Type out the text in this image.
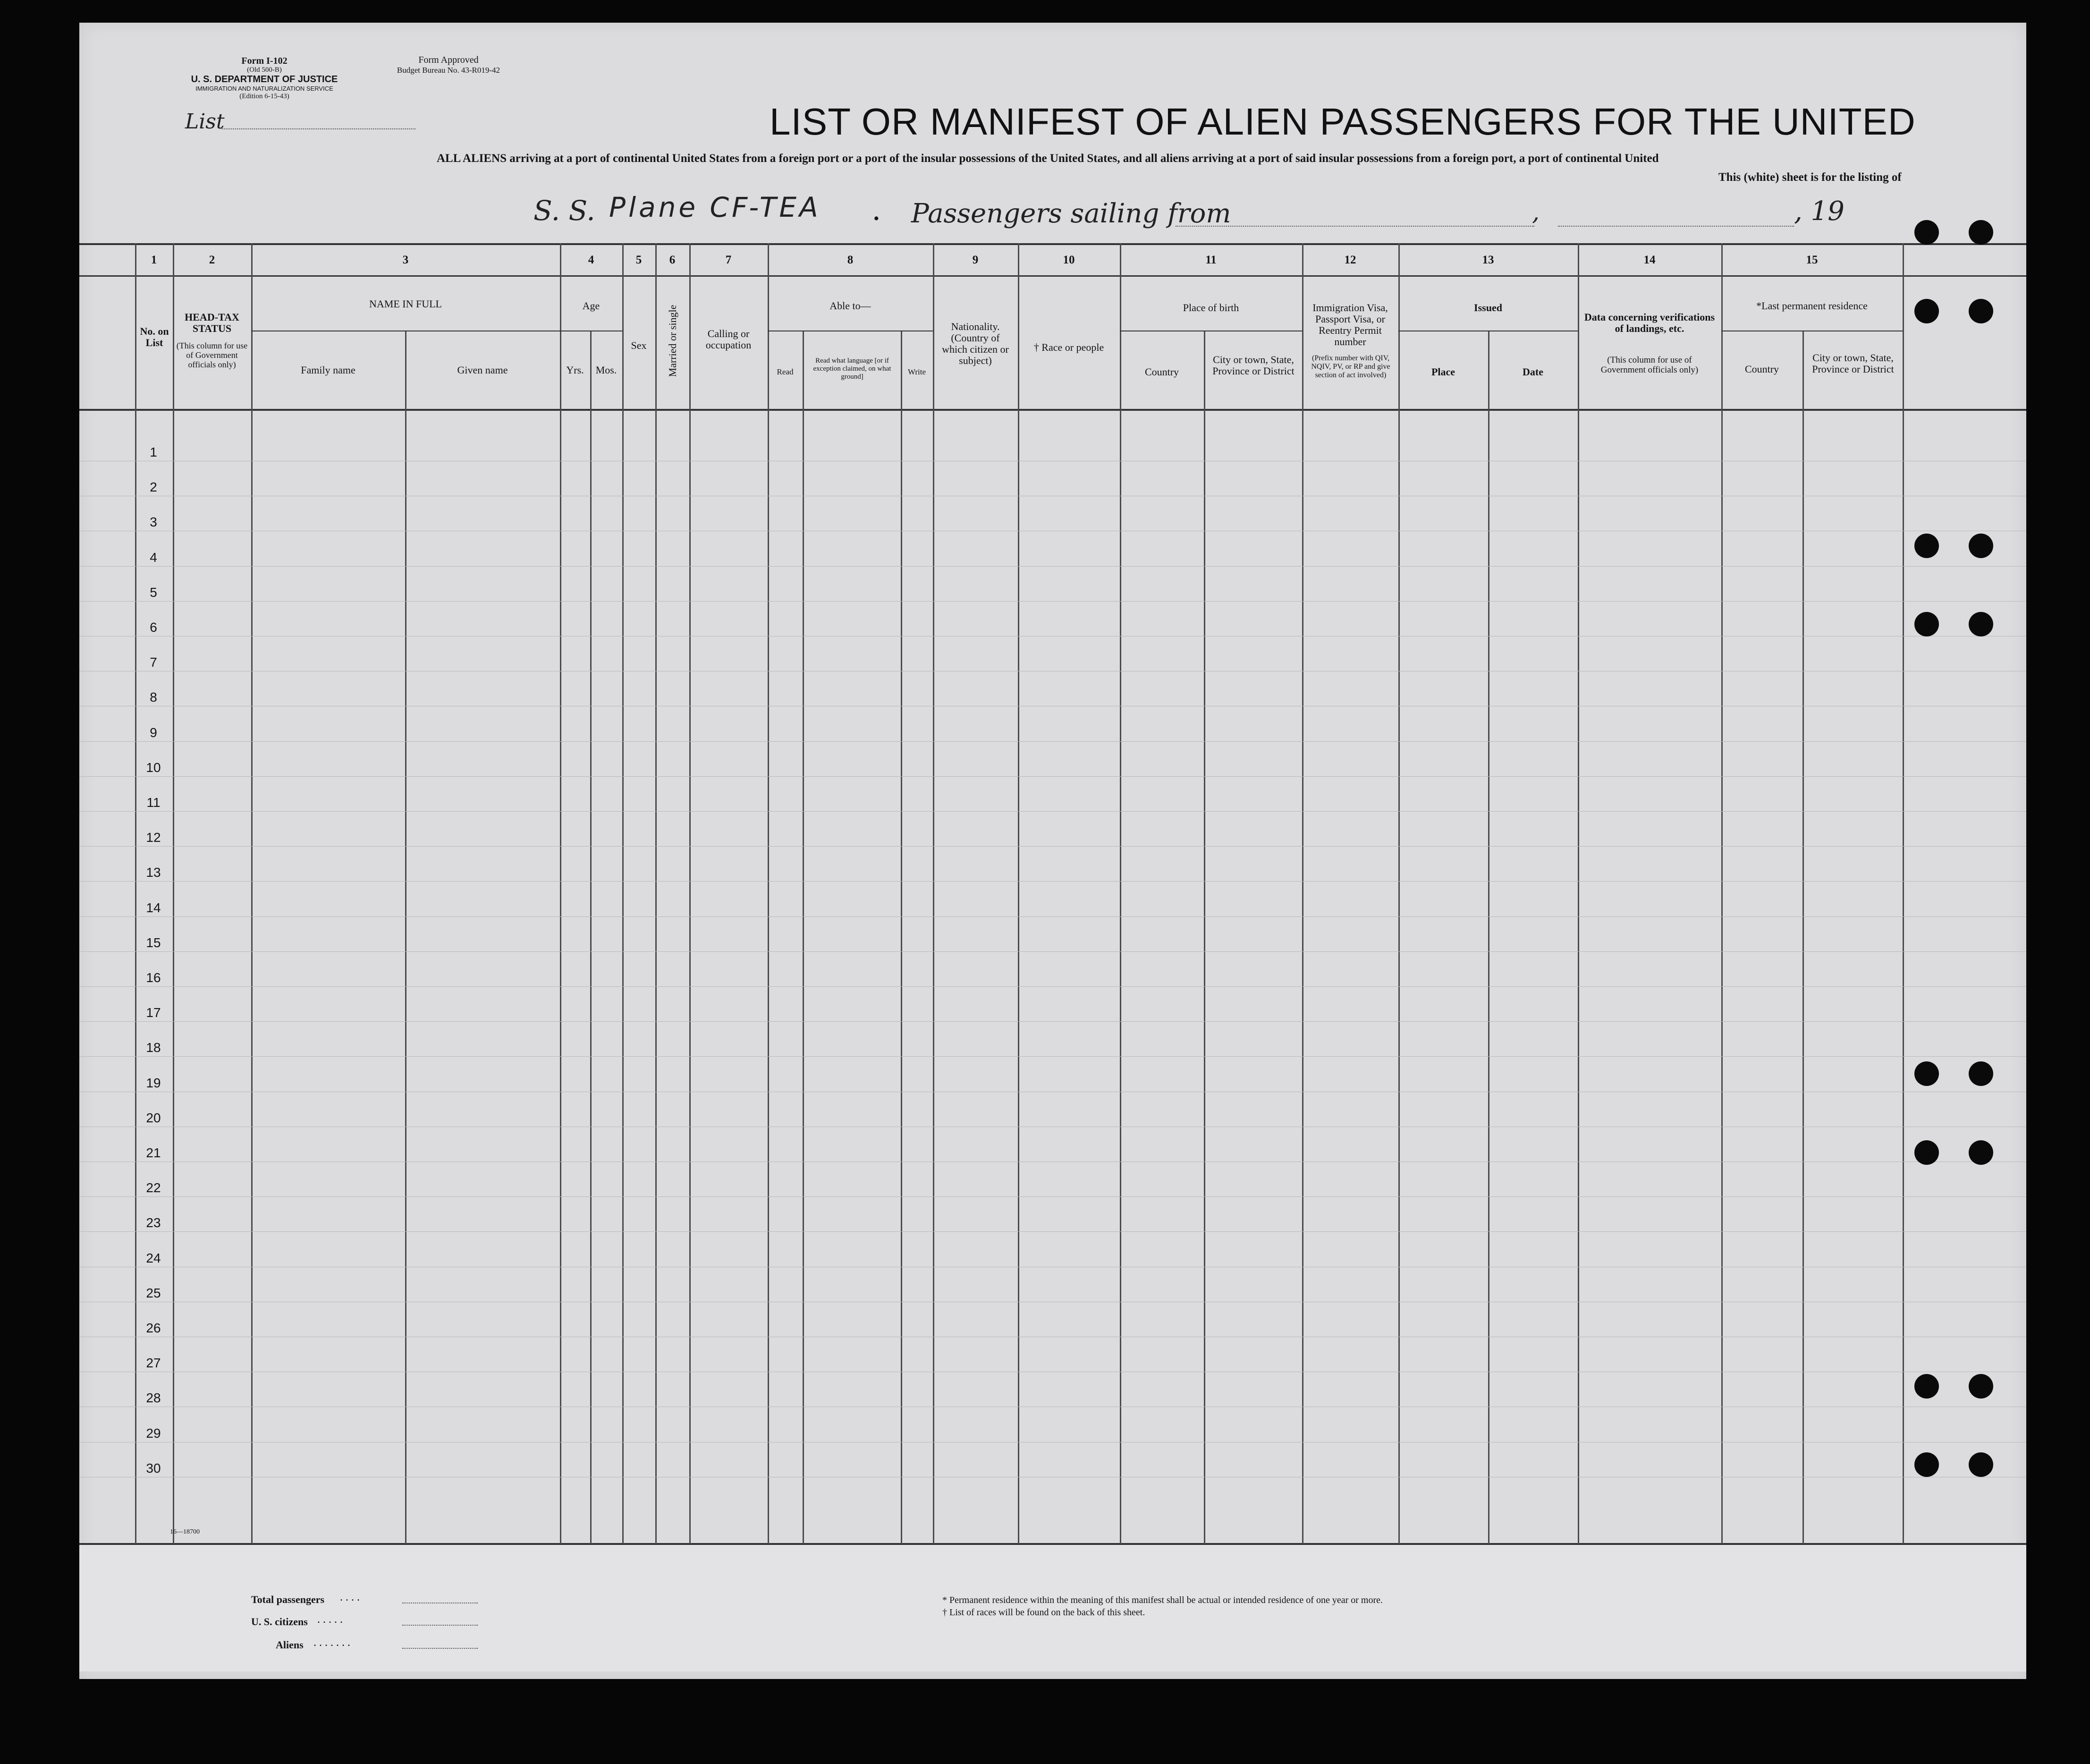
Form I-102
(Old 500-B)
U. S. DEPARTMENT OF JUSTICE
IMMIGRATION AND NATURALIZATION SERVICE
(Edition 6-15-43)
Form Approved
Budget Bureau No. 43-R019-42
List	LIST OR MANIFEST OF ALIEN PASSENGERS FOR THE UNITED
ALL ALIENS arriving at a port of continental United States from a foreign port or a port of the insular possessions of the United States, and all aliens arriving at a port of said insular possessions from a foreign port, a port of continental United
This (white) sheet is for the listing of
S. S. Plane CF-TEA . Passengers sailing from	, 19
,
1	2	3	4	5	6	7	8	9	10	11	12	13	14	15
No. on List
HEAD-TAX STATUS
(This column for use of Government officials only)
NAME IN FULL
Family name	Given name
Age
Yrs.	Mos.
Sex	Married or single	Calling or occupation
Able to—
Read
Read what language [or if exception claimed, on what ground]
Write
Nationality. (Country of which citizen or subject)
† Race or people
Place of birth
Country
City or town, State, Province or District
Immigration Visa, Passport Visa, or Reentry Permit number
(Prefix number with QIV, NQIV, PV, or RP and give section of act involved)
Issued
Place	Date
Data concerning verifications of landings, etc.
(This column for use of Government officials only)
*Last permanent residence
Country
City or town, State, Province or District
1
2
3
4
5
6
7
8
9
10
11
12
13
14
15
16
17
18
19
20
21
22
23
24
25
26
27
28
29
30
16—18700
Total passengers . . . .
U. S. citizens . . . . .
Aliens . . . . . . .
* Permanent residence within the meaning of this manifest shall be actual or intended residence of one year or more.
† List of races will be found on the back of this sheet.
